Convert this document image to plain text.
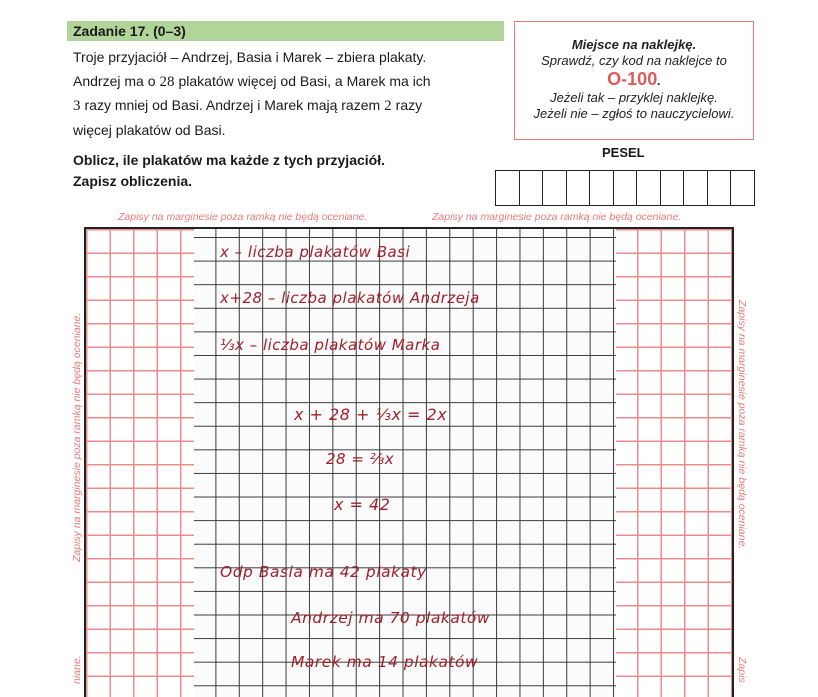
Zadanie 17. (0–3)
Troje przyjaciół – Andrzej, Basia i Marek – zbiera plakaty.
Andrzej ma o 28 plakatów więcej od Basi, a Marek ma ich
3 razy mniej od Basi. Andrzej i Marek mają razem 2 razy
więcej plakatów od Basi.
Oblicz, ile plakatów ma każde z tych przyjaciół.
Zapisz obliczenia.
Miejsce na naklejkę.
Sprawdź, czy kod na naklejce to
O-100.
Jeżeli tak – przyklej naklejkę.
Jeżeli nie – zgłoś to nauczycielowi.
PESEL
Zapisy na marginesie poza ramką nie będą oceniane.	Zapisy na marginesie poza ramką nie będą oceniane.
Zapisy na marginesie poza ramką nie będą oceniane.
niane.
Zapisy na marginesie poza ramką nie będą oceniane.
Zapis
x – liczba plakatów Basi
x+28 – liczba plakatów Andrzeja
⅓x – liczba plakatów Marka
x + 28 + ⅓x = 2x
28 = ⅔x
x = 42
Odp Basia ma 42 plakaty
Andrzej ma 70 plakatów
Marek ma 14 plakatów
